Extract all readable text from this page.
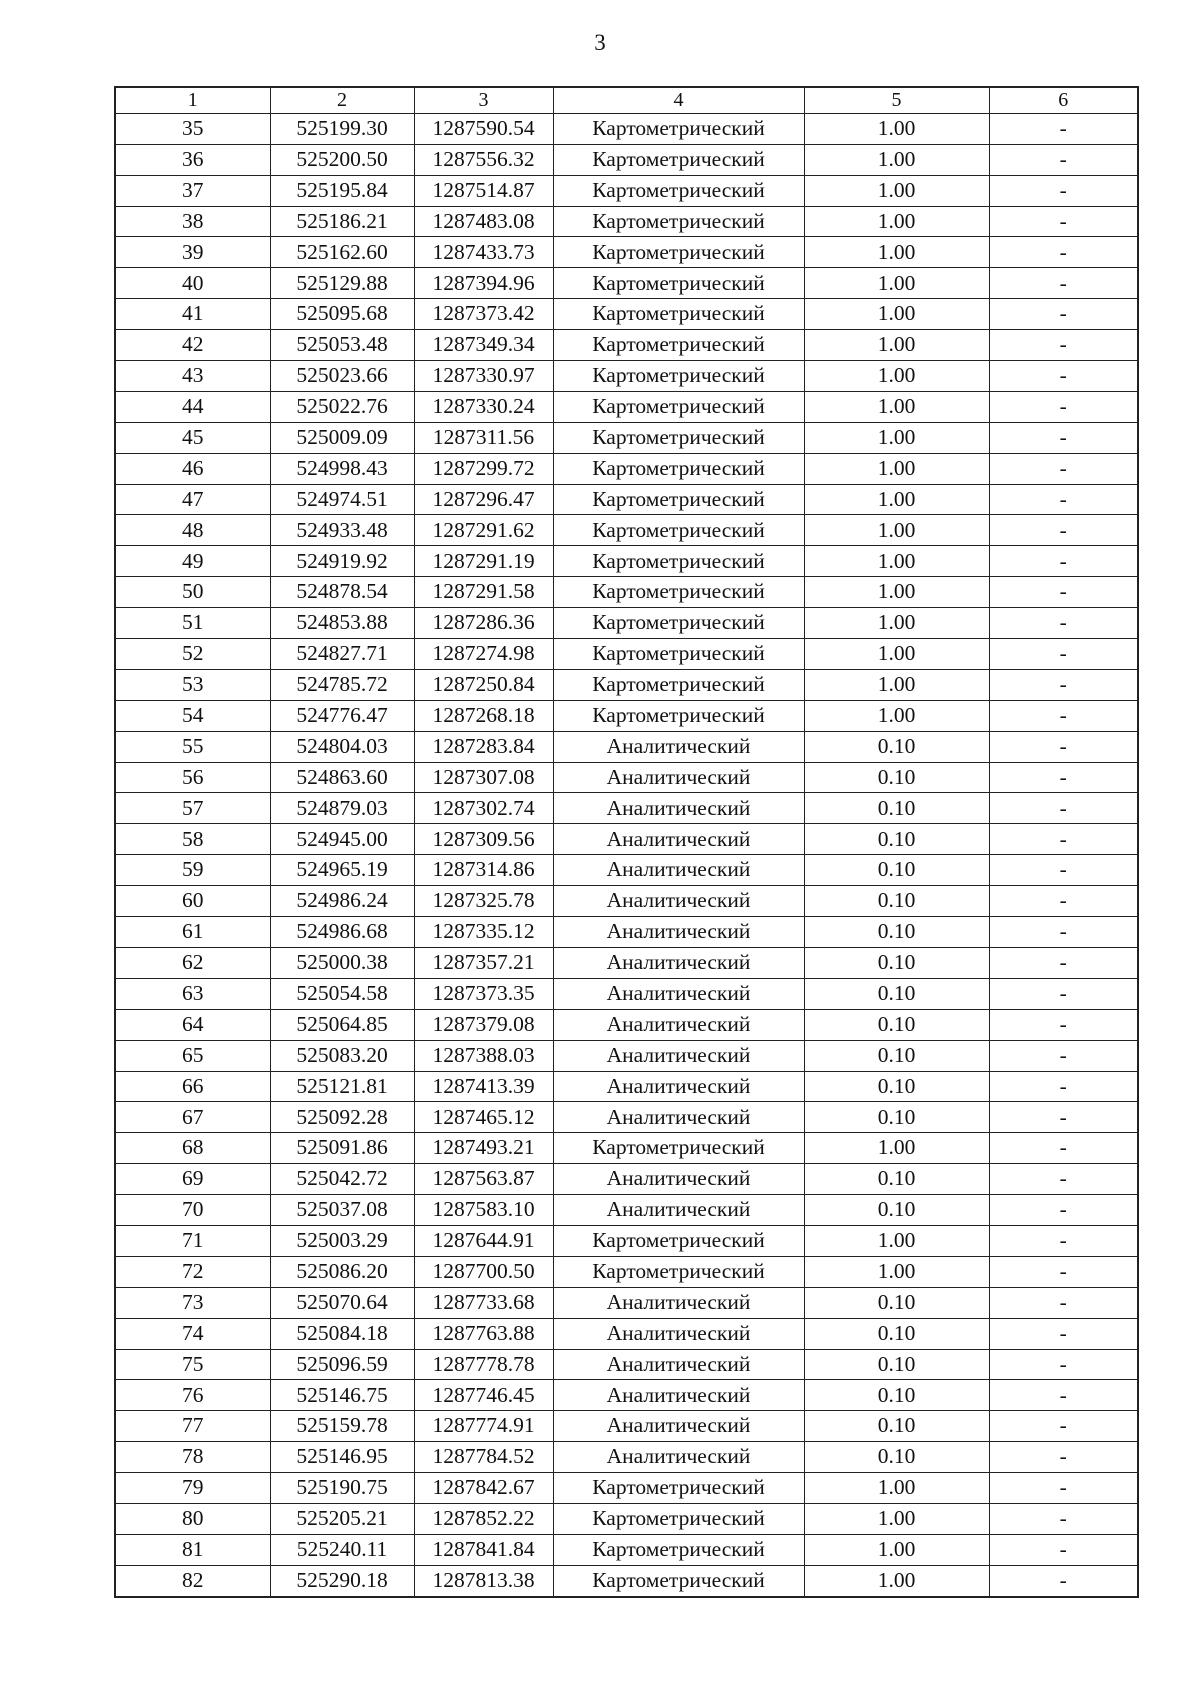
3
1	2	3	4	5	6
35	525199.30	1287590.54	Картометрический	1.00	-
36	525200.50	1287556.32	Картометрический	1.00	-
37	525195.84	1287514.87	Картометрический	1.00	-
38	525186.21	1287483.08	Картометрический	1.00	-
39	525162.60	1287433.73	Картометрический	1.00	-
40	525129.88	1287394.96	Картометрический	1.00	-
41	525095.68	1287373.42	Картометрический	1.00	-
42	525053.48	1287349.34	Картометрический	1.00	-
43	525023.66	1287330.97	Картометрический	1.00	-
44	525022.76	1287330.24	Картометрический	1.00	-
45	525009.09	1287311.56	Картометрический	1.00	-
46	524998.43	1287299.72	Картометрический	1.00	-
47	524974.51	1287296.47	Картометрический	1.00	-
48	524933.48	1287291.62	Картометрический	1.00	-
49	524919.92	1287291.19	Картометрический	1.00	-
50	524878.54	1287291.58	Картометрический	1.00	-
51	524853.88	1287286.36	Картометрический	1.00	-
52	524827.71	1287274.98	Картометрический	1.00	-
53	524785.72	1287250.84	Картометрический	1.00	-
54	524776.47	1287268.18	Картометрический	1.00	-
55	524804.03	1287283.84	Аналитический	0.10	-
56	524863.60	1287307.08	Аналитический	0.10	-
57	524879.03	1287302.74	Аналитический	0.10	-
58	524945.00	1287309.56	Аналитический	0.10	-
59	524965.19	1287314.86	Аналитический	0.10	-
60	524986.24	1287325.78	Аналитический	0.10	-
61	524986.68	1287335.12	Аналитический	0.10	-
62	525000.38	1287357.21	Аналитический	0.10	-
63	525054.58	1287373.35	Аналитический	0.10	-
64	525064.85	1287379.08	Аналитический	0.10	-
65	525083.20	1287388.03	Аналитический	0.10	-
66	525121.81	1287413.39	Аналитический	0.10	-
67	525092.28	1287465.12	Аналитический	0.10	-
68	525091.86	1287493.21	Картометрический	1.00	-
69	525042.72	1287563.87	Аналитический	0.10	-
70	525037.08	1287583.10	Аналитический	0.10	-
71	525003.29	1287644.91	Картометрический	1.00	-
72	525086.20	1287700.50	Картометрический	1.00	-
73	525070.64	1287733.68	Аналитический	0.10	-
74	525084.18	1287763.88	Аналитический	0.10	-
75	525096.59	1287778.78	Аналитический	0.10	-
76	525146.75	1287746.45	Аналитический	0.10	-
77	525159.78	1287774.91	Аналитический	0.10	-
78	525146.95	1287784.52	Аналитический	0.10	-
79	525190.75	1287842.67	Картометрический	1.00	-
80	525205.21	1287852.22	Картометрический	1.00	-
81	525240.11	1287841.84	Картометрический	1.00	-
82	525290.18	1287813.38	Картометрический	1.00	-
